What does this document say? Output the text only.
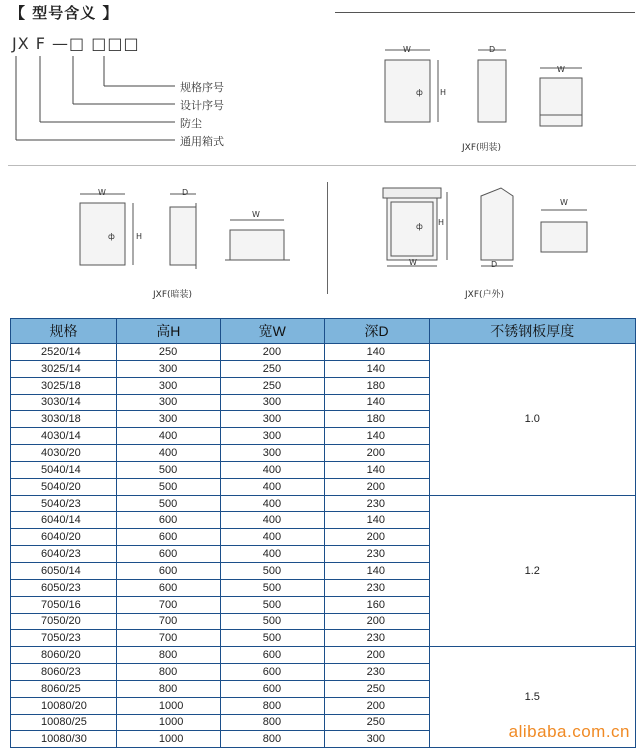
【 型号含义 】
JX F —□ □□□
规格序号
设计序号
防尘
通用箱式
W	D
W
H
ф
JXF(明装)
W	D
W
H
ф
JXF(暗装)
H
ф
W	D
W
JXF(户外)
规格	高H	宽W	深D	不锈钢板厚度
2520/14	250	200	140	1.0
3025/14	300	250	140	
3025/18	300	250	180	
3030/14	300	300	140	
3030/18	300	300	180	
4030/14	400	300	140	
4030/20	400	300	200	
5040/14	500	400	140	
5040/20	500	400	200	
5040/23	500	400	230	1.2
6040/14	600	400	140	
6040/20	600	400	200	
6040/23	600	400	230	
6050/14	600	500	140	
6050/23	600	500	230	
7050/16	700	500	160	
7050/20	700	500	200	
7050/23	700	500	230	
8060/20	800	600	200	1.5
8060/23	800	600	230	
8060/25	800	600	250	
10080/20	1000	800	200	
10080/25	1000	800	250	
10080/30	1000	800	300		alibaba.com.cn
